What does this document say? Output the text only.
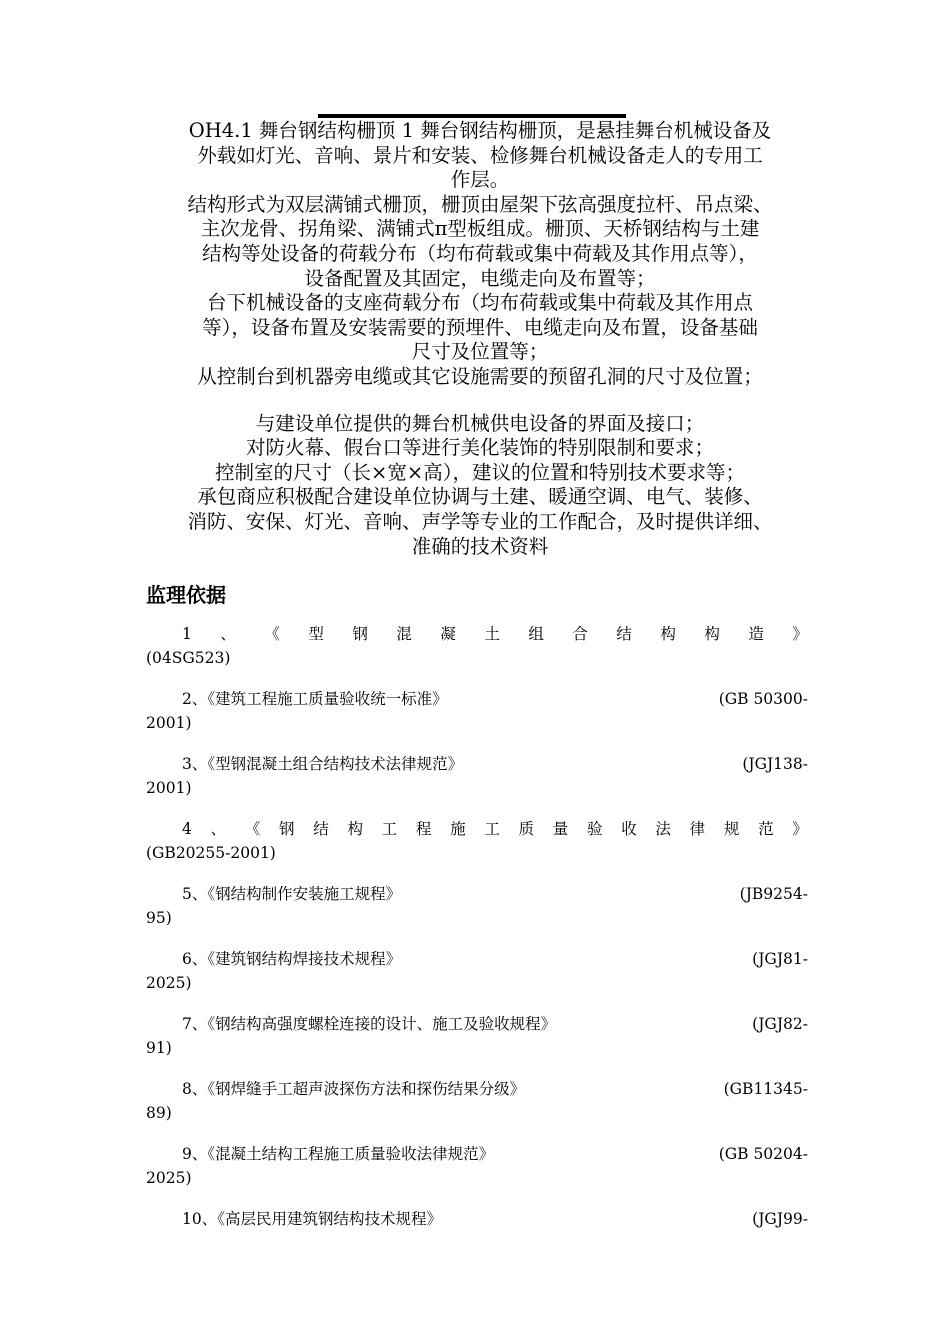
OH4.1 舞台钢结构栅顶 1 舞台钢结构栅顶，是悬挂舞台机械设备及

外载如灯光、音响、景片和安装、检修舞台机械设备走人的专用工

作层。

结构形式为双层满铺式栅顶，栅顶由屋架下弦高强度拉杆、吊点梁、

主次龙骨、拐角梁、满铺式π型板组成。栅顶、天桥钢结构与土建

结构等处设备的荷载分布（均布荷载或集中荷载及其作用点等），

设备配置及其固定，电缆走向及布置等；

台下机械设备的支座荷载分布（均布荷载或集中荷载及其作用点

等），设备布置及安装需要的预埋件、电缆走向及布置，设备基础

尺寸及位置等；

从控制台到机器旁电缆或其它设施需要的预留孔洞的尺寸及位置；

与建设单位提供的舞台机械供电设备的界面及接口；

对防火幕、假台口等进行美化装饰的特别限制和要求；

控制室的尺寸（长×宽×高），建议的位置和特别技术要求等；

承包商应积极配合建设单位协调与土建、暖通空调、电气、装修、

消防、安保、灯光、音响、声学等专业的工作配合，及时提供详细、

准确的技术资料

监理依据
1 、 《 型 钢 混 凝 土 组 合 结 构 构 造 》
(04SG523)
2、《建筑工程施工质量验收统一标准》	(GB 50300-
2001)
3、《型钢混凝土组合结构技术法律规范》	(JGJ138-
2001)
4 、 《 钢 结 构 工 程 施 工 质 量 验 收 法 律 规 范 》
(GB20255-2001)
5、《钢结构制作安装施工规程》	(JB9254-
95)
6、《建筑钢结构焊接技术规程》	(JGJ81-
2025)
7、《钢结构高强度螺栓连接的设计、施工及验收规程》	(JGJ82-
91)
8、《钢焊缝手工超声波探伤方法和探伤结果分级》	(GB11345-
89)
9、《混凝土结构工程施工质量验收法律规范》	(GB 50204-
2025)
10、《高层民用建筑钢结构技术规程》	(JGJ99-
